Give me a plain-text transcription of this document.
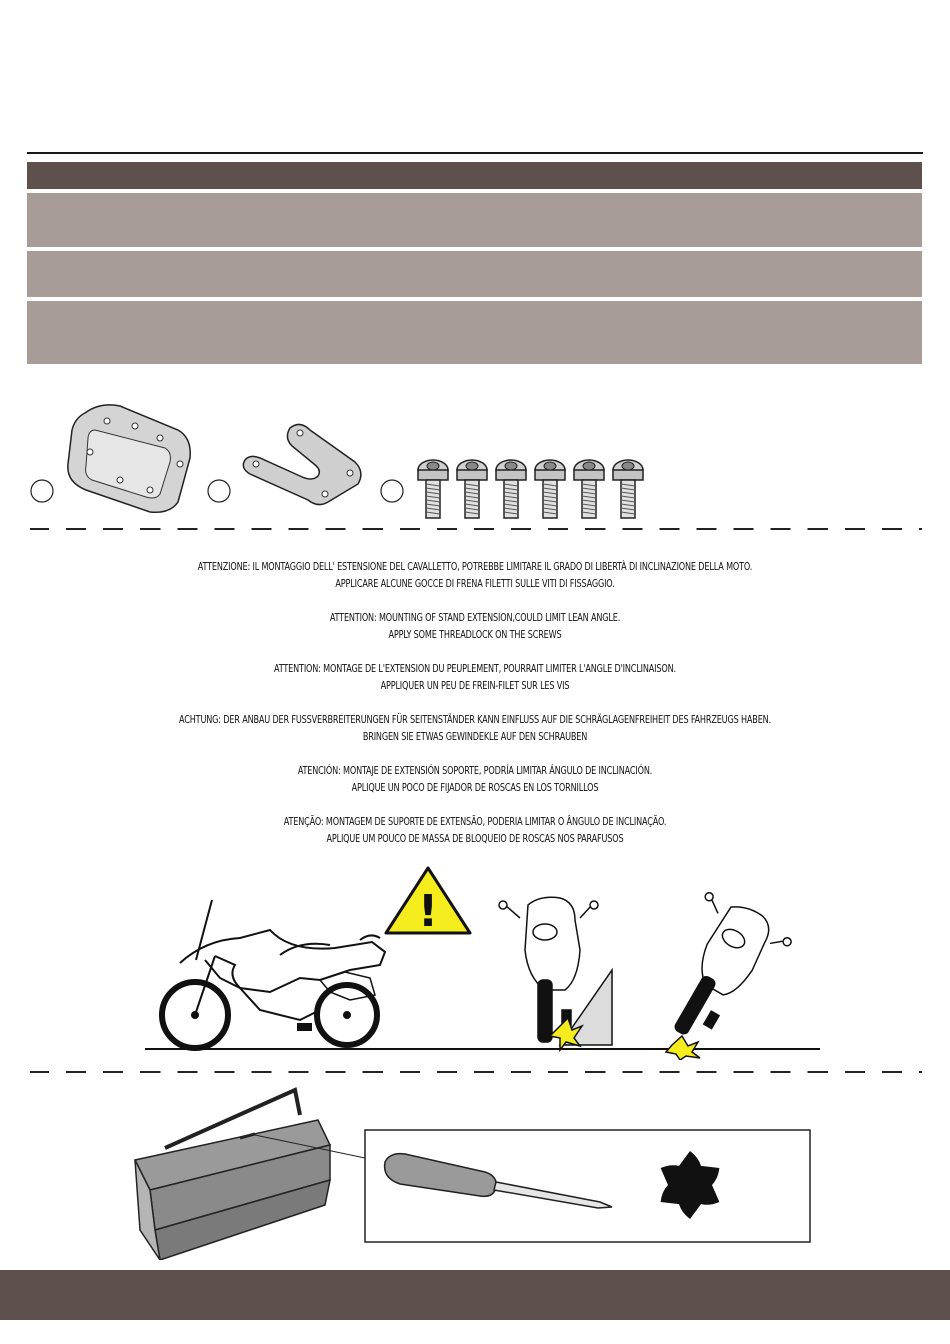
ATTENZIONE: IL MONTAGGIO DELL' ESTENSIONE DEL CAVALLETTO, POTREBBE LIMITARE IL GRADO DI LIBERTÀ DI INCLINAZIONE DELLA MOTO.

APPLICARE ALCUNE GOCCE DI FRENA FILETTI SULLE VITI DI FISSAGGIO.

ATTENTION: MOUNTING OF STAND EXTENSION,COULD LIMIT LEAN ANGLE.

APPLY SOME THREADLOCK ON THE SCREWS

ATTENTION: MONTAGE DE L'EXTENSION DU PEUPLEMENT, POURRAIT LIMITER L'ANGLE D'INCLINAISON.

APPLIQUER UN PEU DE FREIN-FILET SUR LES VIS

ACHTUNG: DER ANBAU DER FUSSVERBREITERUNGEN FÜR SEITENSTÄNDER KANN EINFLUSS AUF DIE SCHRÄGLAGENFREIHEIT DES FAHRZEUGS HABEN.

BRINGEN SIE ETWAS GEWINDEKLE AUF DEN SCHRAUBEN

ATENCIÓN: MONTAJE DE EXTENSIÓN SOPORTE, PODRÍA LIMITAR ÁNGULO DE INCLINACIÓN.

APLIQUE UN POCO DE FIJADOR DE ROSCAS EN LOS TORNILLOS

ATENÇÃO: MONTAGEM DE SUPORTE DE EXTENSÃO, PODERIA LIMITAR O ÂNGULO DE INCLINAÇÃO.

APLIQUE UM POUCO DE MASSA DE BLOQUEIO DE ROSCAS NOS PARAFUSOS

!
